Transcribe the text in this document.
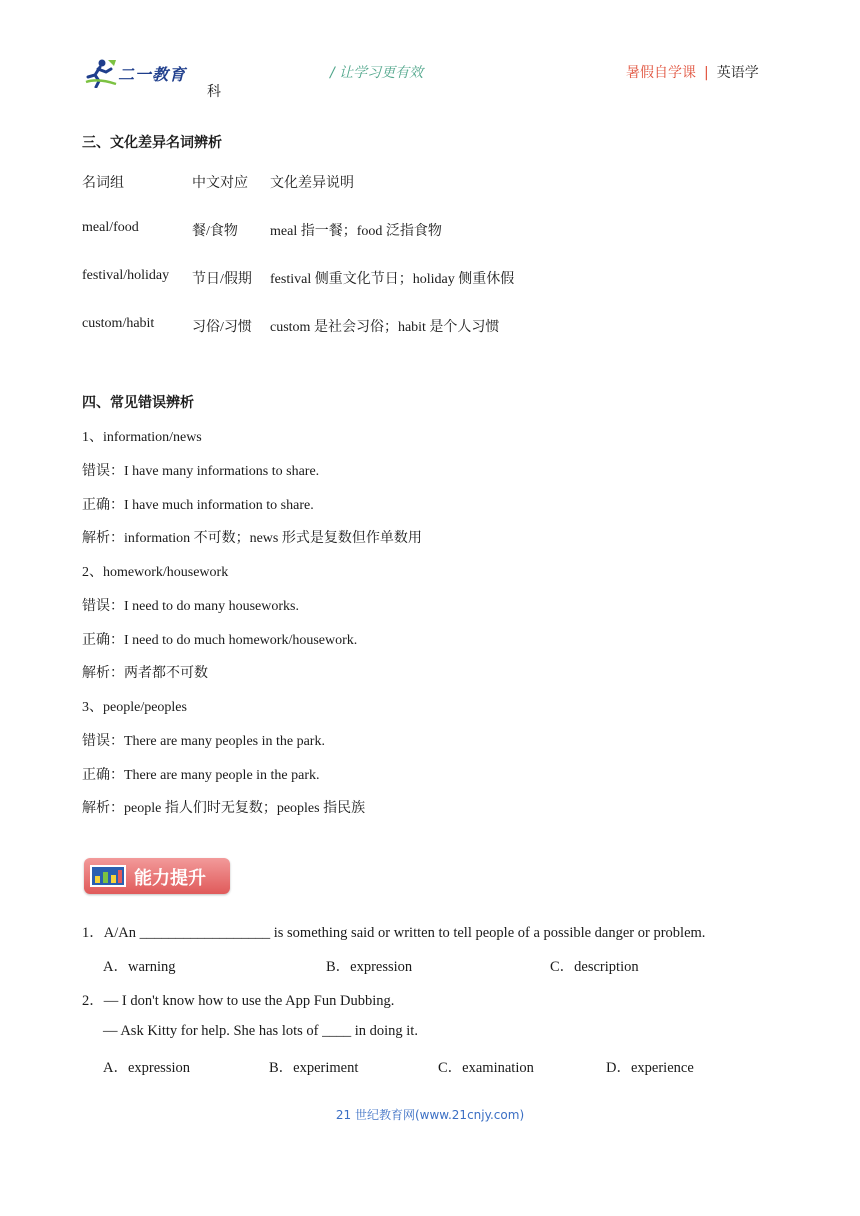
二一教育	/ 让学习更有效	暑假自学课 | 英语学
科
三、文化差异名词辨析
名词组	中文对应 文化差异说明
meal/food	餐/食物 meal 指一餐；food 泛指食物
festival/holiday 节日/假期 festival 侧重文化节日；holiday 侧重休假
custom/habit	习俗/习惯 custom 是社会习俗；habit 是个人习惯
四、常见错误辨析
1、information/news
错误：I have many informations to share.
正确：I have much information to share.
解析：information 不可数；news 形式是复数但作单数用
2、homework/housework
错误：I need to do many houseworks.
正确：I need to do much homework/housework.
解析：两者都不可数
3、people/peoples
错误：There are many peoples in the park.
正确：There are many people in the park.
解析：people 指人们时无复数；peoples 指民族
能力提升
1．A/An __________________ is something said or written to tell people of a possible danger or problem.
A．warning	B．expression	C．description
2．— I don't know how to use the App Fun Dubbing.
— Ask Kitty for help. She has lots of ____ in doing it.
A．expression	B．experiment	C．examination	D．experience
21 世纪教育网(www.21cnjy.com)
